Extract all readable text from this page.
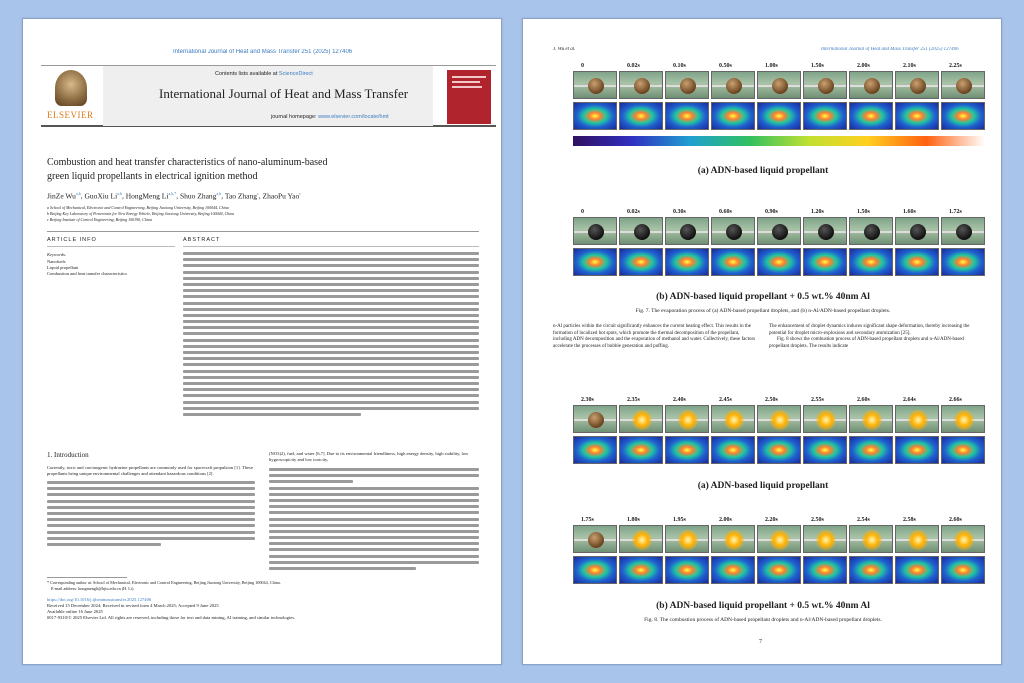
International Journal of Heat and Mass Transfer 251 (2025) 127406
ELSEVIER
Contents lists available at ScienceDirect
International Journal of Heat and Mass Transfer
journal homepage: www.elsevier.com/locate/hmt
Combustion and heat transfer characteristics of nano-aluminum-based
green liquid propellants in electrical ignition method
JinZe Wu$^{a,b}$, GuoXiu Li$^{a,b}$, HongMeng $Li^{a,b,*}$, Shuo Zhang$^{a,b}$, Tao Zhang$^c$, ZhaoPu Yao$^c$
a School of Mechanical, Electronic and Control Engineering, Beijing Jiaotong University, Beijing 100044, China
b Beijing Key Laboratory of Powertrain for New Energy Vehicle, Beijing Jiaotong University, Beijing 100044, China
c Beijing Institute of Control Engineering, Beijing 100190, China
ARTICLE INFO
Keywords:
Nanofuels
Liquid propellant
Combustion and heat transfer characteristics
ABSTRACT
1. Introduction
Currently, toxic and carcinogenic hydrazine propellants are commonly used for spacecraft propulsion [1]. These propellants bring unique environmental challenges and attendant hazardous conditions [2].
(NO3)2), fuel, and water [6,7]. Due to its environmental friendliness, high energy density, high stability, low hygroscopicity and low toxicity,
* Corresponding author at: School of Mechanical, Electronic and Control Engineering, Beijing Jiaotong University, Beijing 100044, China.
E-mail address: hongmengli@bjtu.edu.cn (H. Li).
https://doi.org/10.1016/j.ijheatmasstransfer.2025.127406
Received 15 December 2024; Received in revised form 4 March 2025; Accepted 9 June 2025
Available online 16 June 2025
0017-9310/© 2025 Elsevier Ltd. All rights are reserved, including those for text and data mining, AI training, and similar technologies.
J. Wu et al.	International Journal of Heat and Mass Transfer 251 (2025) 127406
0	0.02s	0.10s	0.50s	1.00s	1.50s	2.00s	2.10s	2.25s
(a) ADN-based liquid propellant
0	0.02s	0.30s	0.60s	0.90s	1.20s	1.50s	1.60s	1.72s
(b) ADN-based liquid propellant + 0.5 wt.% 40nm Al
Fig. 7. The evaporation process of (a) ADN-based propellant droplets, and (b) n-Al/ADN-based propellant droplets.
n-Al particles within the circuit significantly enhances the current heating effect. This results in the formation of localized hot spots, which promote the thermal decomposition of the propellant, including ADN decomposition and the evaporation of methanol and water. Collectively, these factors accelerate the processes of bubble generation and puffing.
The enhancement of droplet dynamics induces significant shape deformation, thereby increasing the potential for droplet micro-explosions and secondary atomization [25].
Fig. 8 shows the combustion process of ADN-based propellant droplets and n-Al/ADN-based propellant droplets. The results indicate
2.30s	2.35s	2.40s	2.45s	2.50s	2.55s	2.60s	2.64s	2.66s
(a) ADN-based liquid propellant
1.75s	1.80s	1.95s	2.00s	2.20s	2.50s	2.54s	2.58s	2.60s
(b) ADN-based liquid propellant + 0.5 wt.% 40nm Al
Fig. 8. The combustion process of ADN-based propellant droplets and n-Al/ADN-based propellant droplets.
7
